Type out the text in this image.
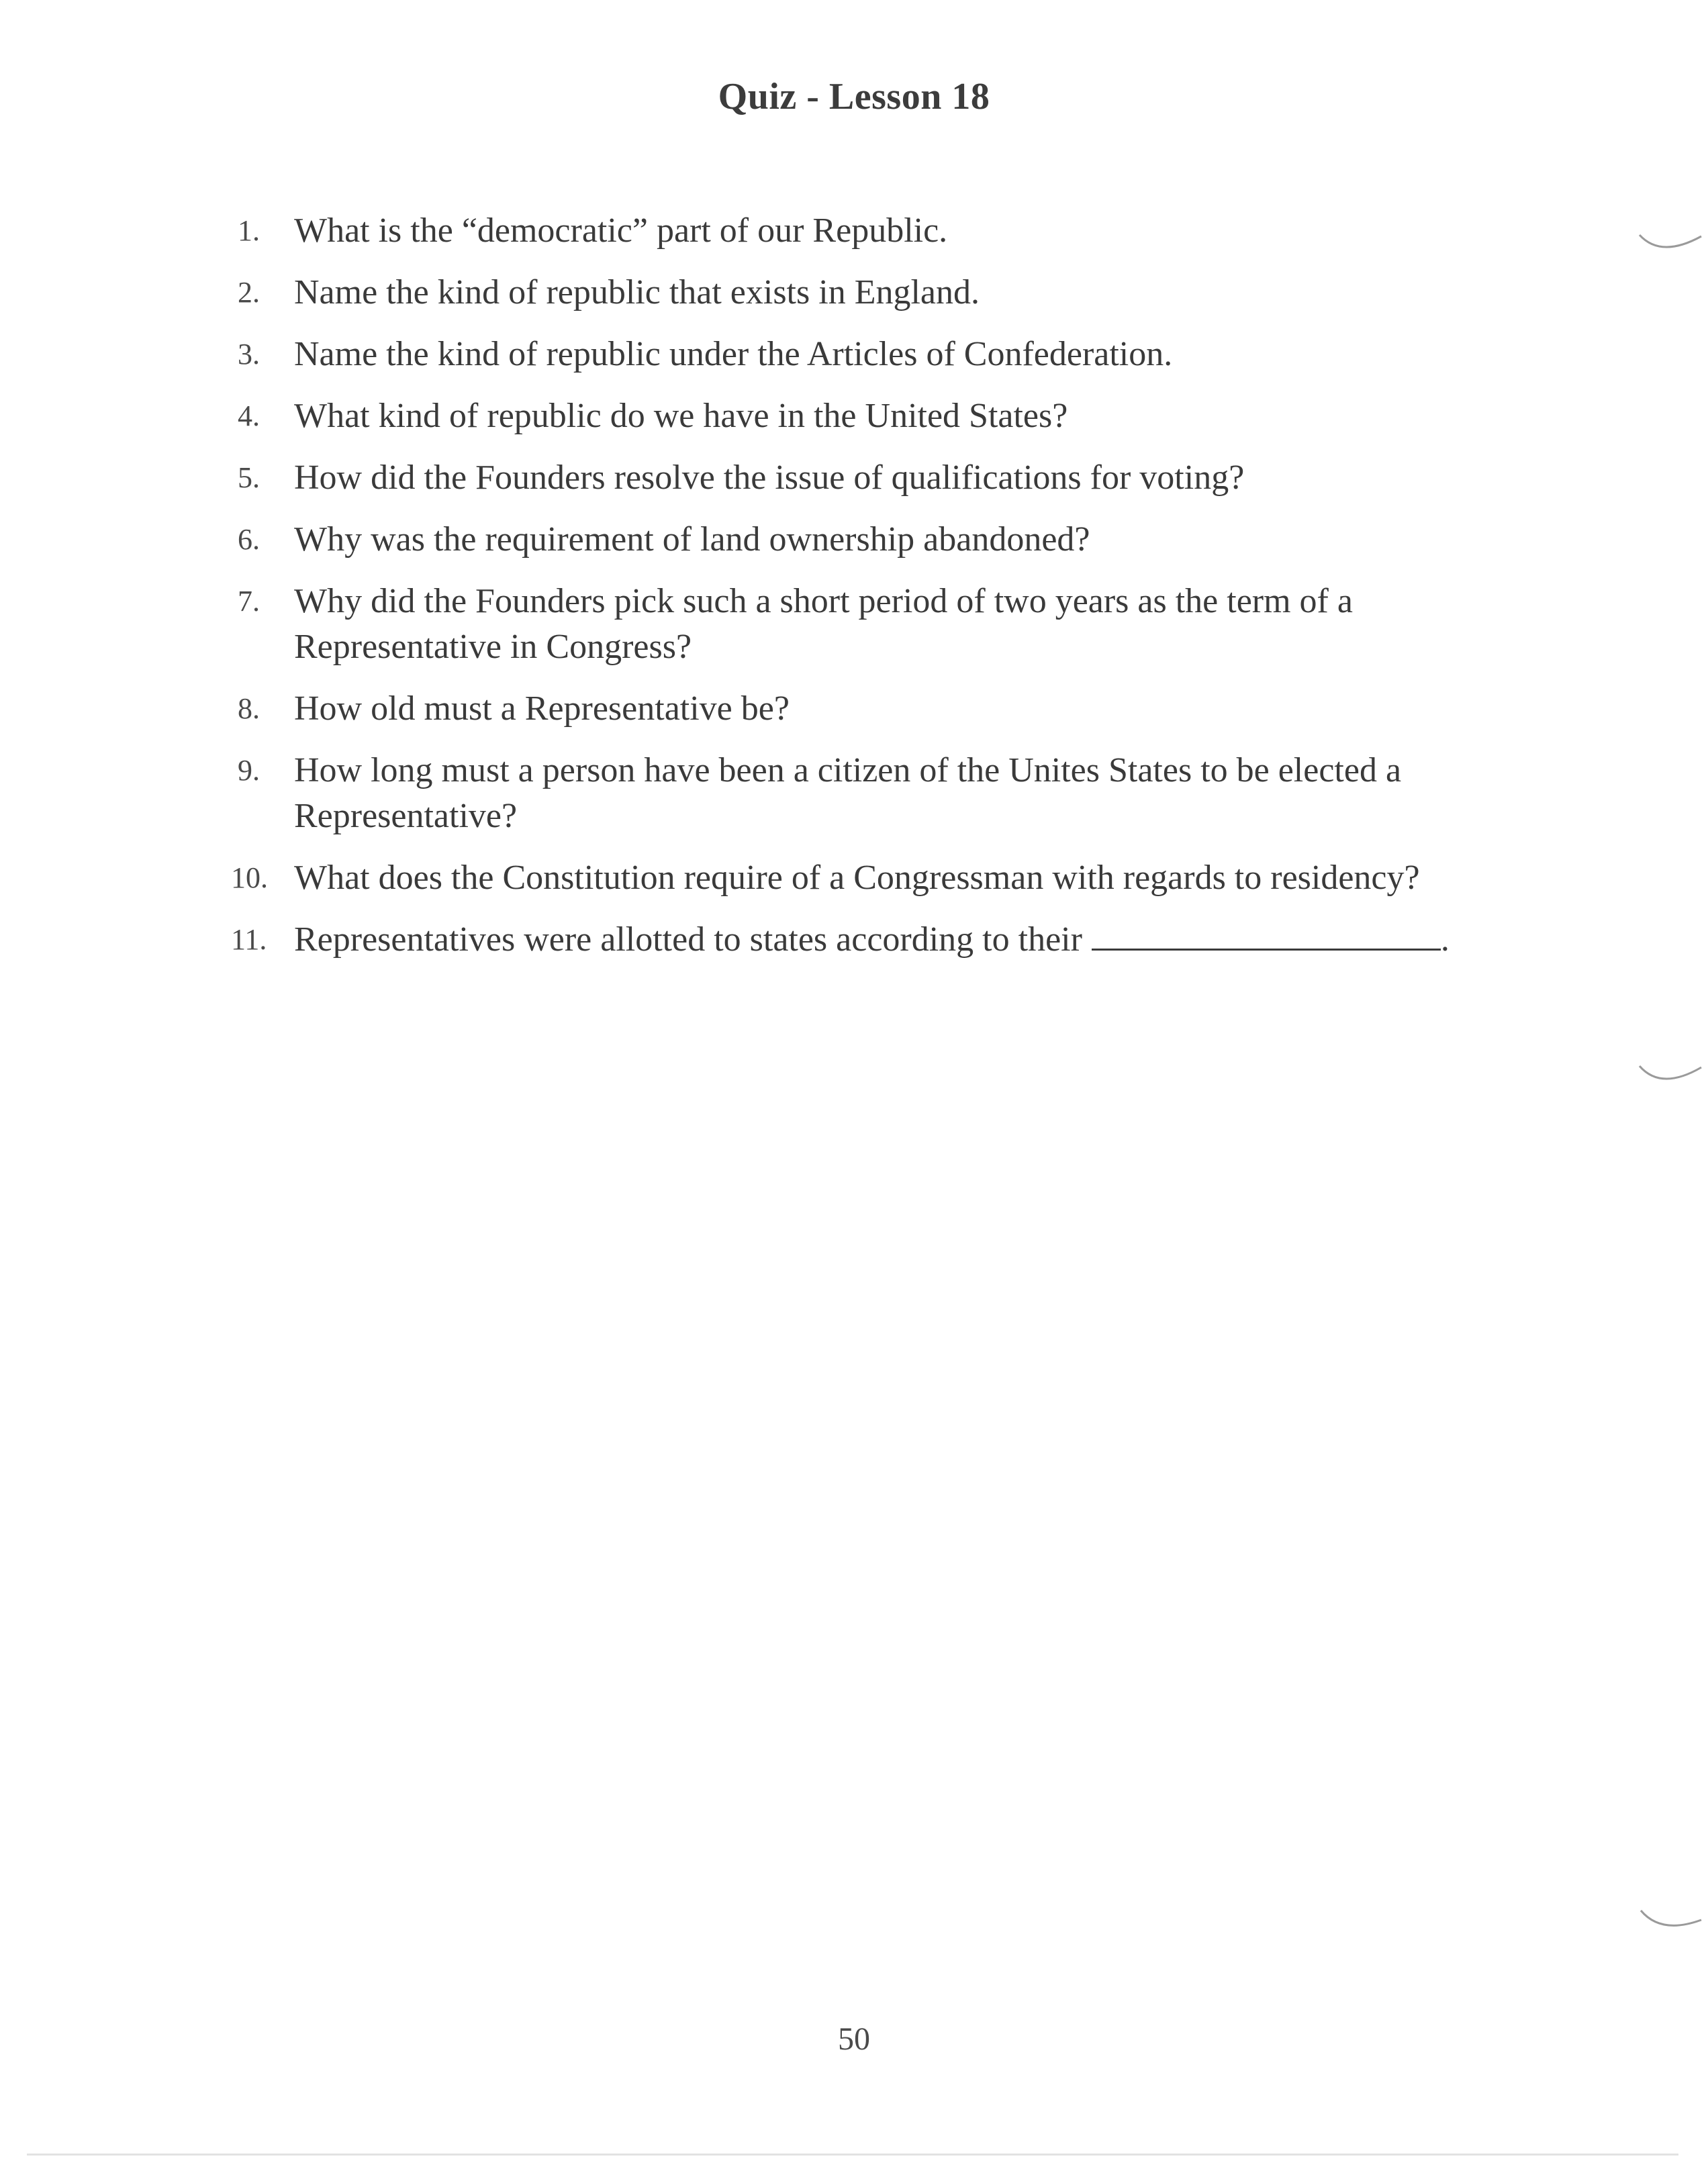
Quiz - Lesson 18
1. What is the “democratic” part of our Republic.
2. Name the kind of republic that exists in England.
3. Name the kind of republic under the Articles of Confederation.
4. What kind of republic do we have in the United States?
5. How did the Founders resolve the issue of qualifications for voting?
6. Why was the requirement of land ownership abandoned?
7. Why did the Founders pick such a short period of two years as the term of a Representative in Congress?
8. How old must a Representative be?
9. How long must a person have been a citizen of the Unites States to be elected a Representative?
10. What does the Constitution require of a Congressman with regards to residency?
11. Representatives were allotted to states according to their	.
50
